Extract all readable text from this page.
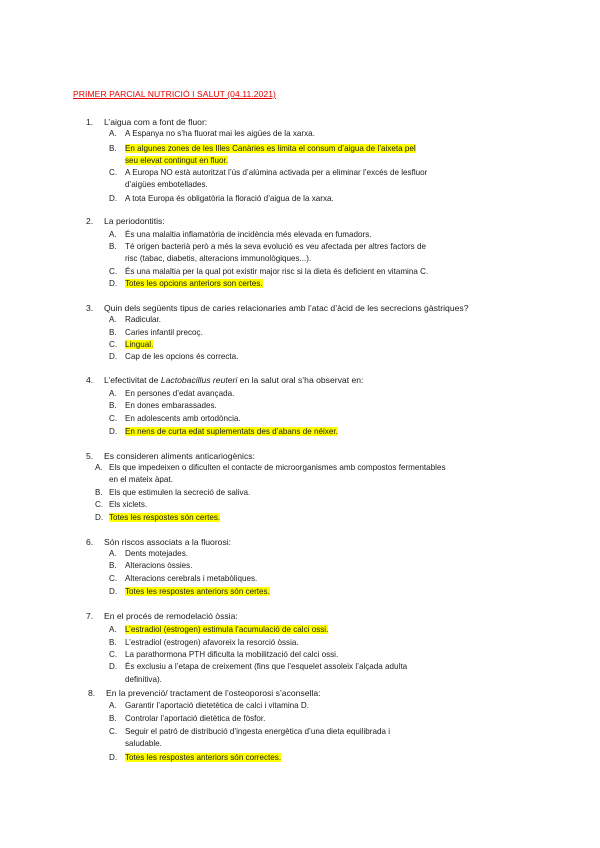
PRIMER PARCIAL NUTRICIÓ I SALUT (04.11.2021)
1. L’aigua com a font de fluor:
A. A Espanya no s’ha fluorat mai les aigües de la xarxa.
B. En algunes zones de les Illes Canàries es limita el consum d’aigua de l’aixeta pel
seu elevat contingut en fluor.
C. A Europa NO està autoritzat l’ús d’alúmina activada per a eliminar l’excés de lesfluor
d’aigües embotellades.
D. A tota Europa és obligatòria la floració d’aigua de la xarxa.
2. La periodontitis:
A. És una malaltia inflamatòria de incidència més elevada en fumadors.
B. Té origen bacterià però a més la seva evolució es veu afectada per altres factors de
risc (tabac, diabetis, alteracions immunològiques...).
C. És una malaltia per la qual pot existir major risc si la dieta és deficient en vitamina C.
D. Totes les opcions anteriors son certes.
3. Quin dels següents tipus de caries relacionaries amb l’atac d’àcid de les secrecions gàstriques?
A. Radicular.
B. Caries infantil precoç.
C. Lingual.
D. Cap de les opcions és correcta.
4. L’efectivitat de Lactobacillus reuteri en la salut oral s’ha observat en:
A. En persones d’edat avançada.
B. En dones embarassades.
C. En adolescents amb ortodòncia.
D. En nens de curta edat suplementats des d’abans de néixer.
5. Es consideren aliments anticariogènics:
A. Els que impedeixen o dificulten el contacte de microorganismes amb compostos fermentables
en el mateix àpat.
B. Els que estimulen la secreció de saliva.
C. Els xiclets.
D. Totes les respostes són certes.
6. Són riscos associats a la fluorosi:
A. Dents motejades.
B. Alteracions òssies.
C. Alteracions cerebrals i metabòliques.
D. Totes les respostes anteriors són certes.
7. En el procés de remodelació òssia:
A. L’estradiol (estrogen) estimula l’acumulació de calci ossi.
B. L’estradiol (estrogen) afavoreix la resorció òssia.
C. La parathormona PTH dificulta la mobilització del calci ossi.
D. És exclusiu a l’etapa de creixement (fins que l’esquelet assoleix l’alçada adulta
definitiva).
8. En la prevenció/ tractament de l’osteoporosi s’aconsella:
A. Garantir l’aportació dietetètica de calci i vitamina D.
B. Controlar l’aportació dietètica de fòsfor.
C. Seguir el patró de distribució d’ingesta energètica d’una dieta equilibrada i
saludable.
D. Totes les respostes anteriors són correctes.
